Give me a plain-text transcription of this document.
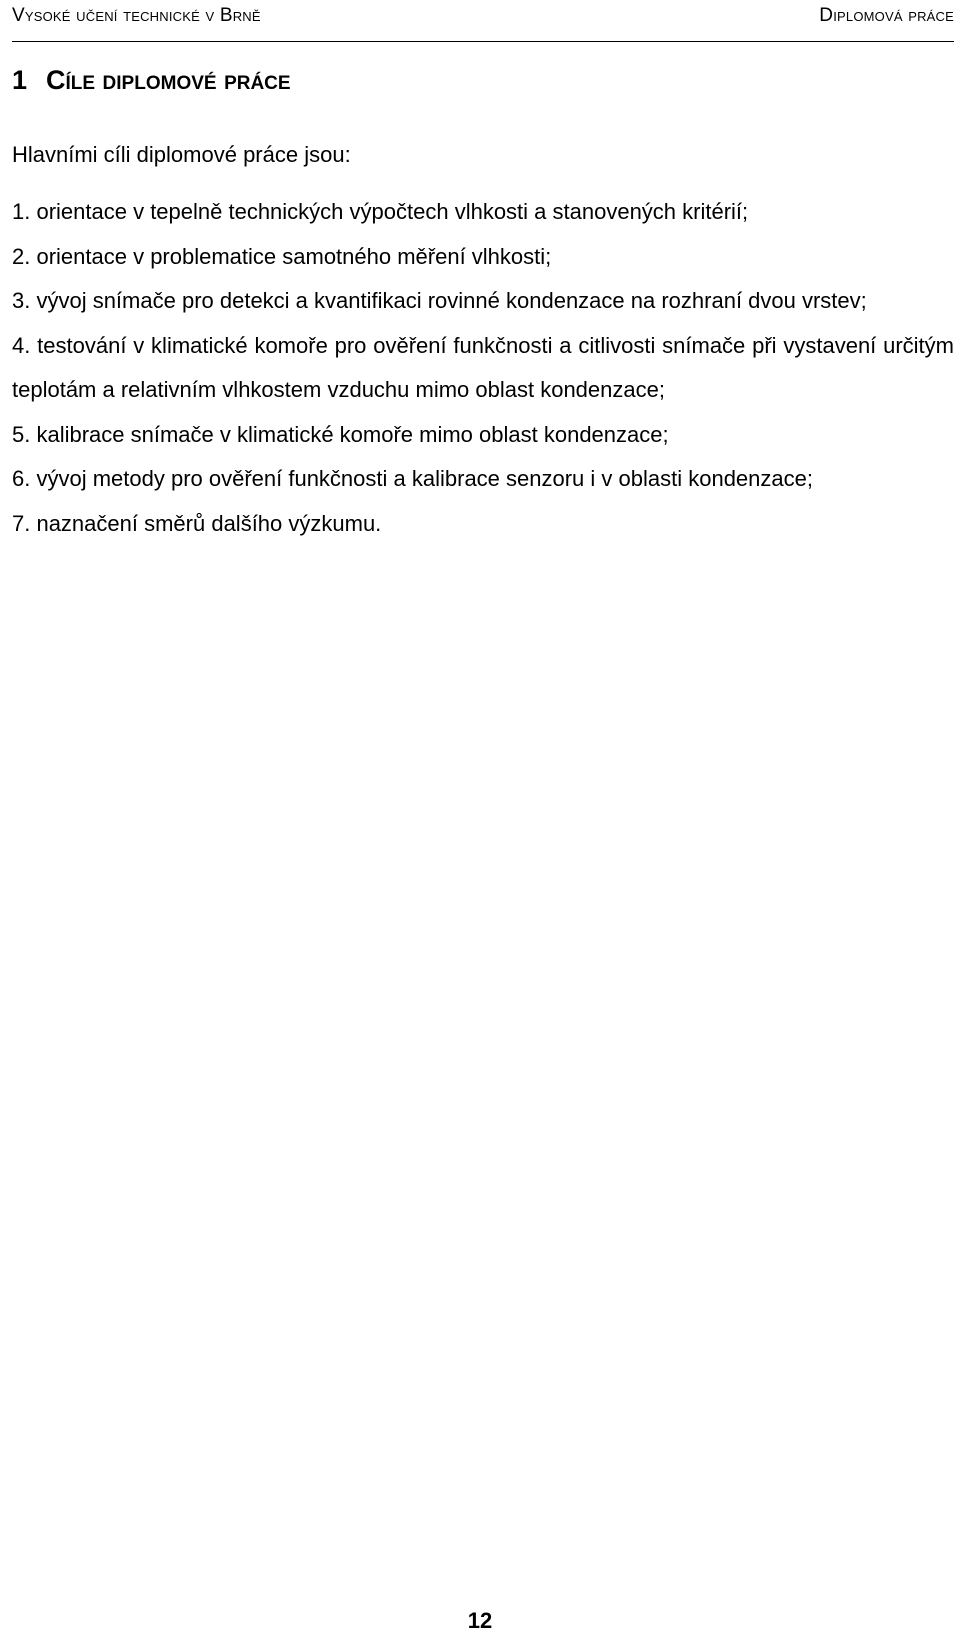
Vysoké učení technické v Brně	Diplomová práce
1 Cíle diplomové práce
Hlavními cíli diplomové práce jsou:
1. orientace v tepelně technických výpočtech vlhkosti a stanovených kritérií;
2. orientace v problematice samotného měření vlhkosti;
3. vývoj snímače pro detekci a kvantifikaci rovinné kondenzace na rozhraní dvou vrstev;
4. testování v klimatické komoře pro ověření funkčnosti a citlivosti snímače při vystavení určitým teplotám a relativním vlhkostem vzduchu mimo oblast kondenzace;
5. kalibrace snímače v klimatické komoře mimo oblast kondenzace;
6. vývoj metody pro ověření funkčnosti a kalibrace senzoru i v oblasti kondenzace;
7. naznačení směrů dalšího výzkumu.
12
